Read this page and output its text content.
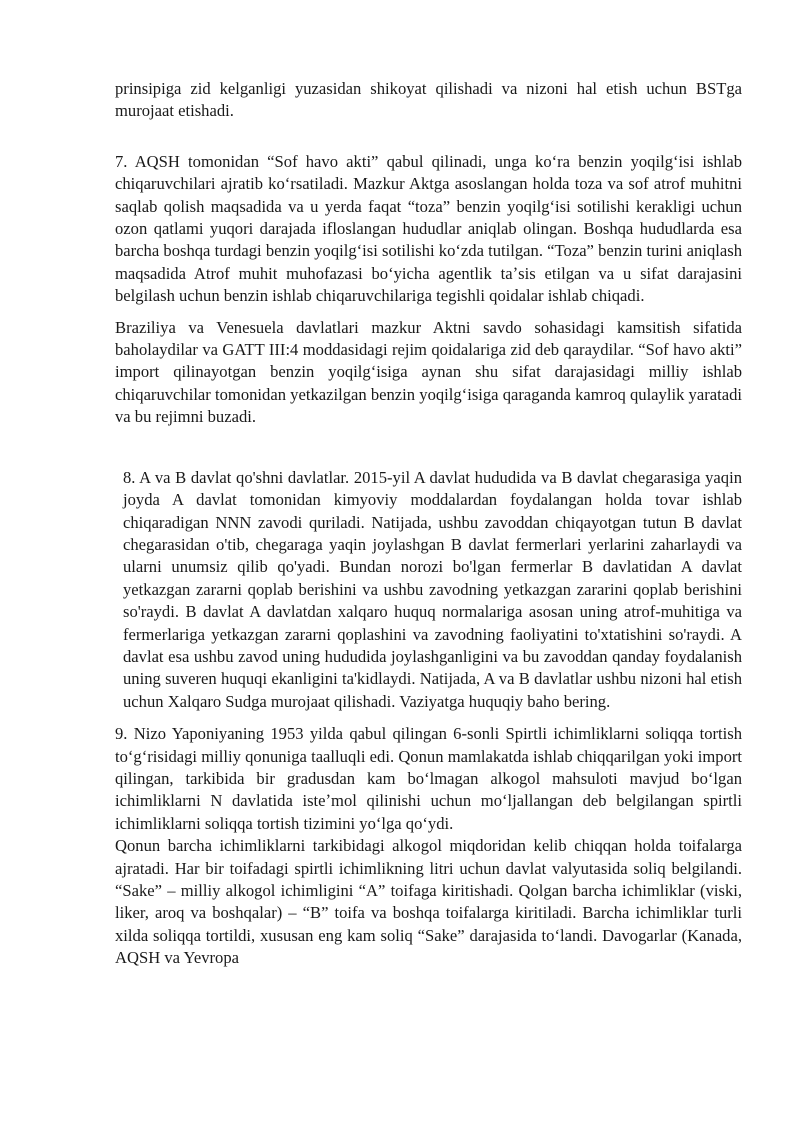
prinsipiga zid kelganligi yuzasidan shikoyat qilishadi va nizoni hal etish uchun BSTga murojaat etishadi.

7. AQSH tomonidan “Sof havo akti” qabul qilinadi, unga koʻra benzin yoqilgʻisi ishlab chiqaruvchilari ajratib koʻrsatiladi. Mazkur Aktga asoslangan holda toza va sof atrof muhitni saqlab qolish maqsadida va u yerda faqat “toza” benzin yoqilgʻisi sotilishi kerakligi uchun ozon qatlami yuqori darajada ifloslangan hududlar aniqlab olingan. Boshqa hududlarda esa barcha boshqa turdagi benzin yoqilgʻisi sotilishi koʻzda tutilgan. “Toza” benzin turini aniqlash maqsadida Atrof muhit muhofazasi boʻyicha agentlik taʼsis etilgan va u sifat darajasini belgilash uchun benzin ishlab chiqaruvchilariga tegishli qoidalar ishlab chiqadi.

Braziliya va Venesuela davlatlari mazkur Aktni savdo sohasidagi kamsitish sifatida baholaydilar va GATT III:4 moddasidagi rejim qoidalariga zid deb qaraydilar. “Sof havo akti” import qilinayotgan benzin yoqilgʻisiga aynan shu sifat darajasidagi milliy ishlab chiqaruvchilar tomonidan yetkazilgan benzin yoqilgʻisiga qaraganda kamroq qulaylik yaratadi va bu rejimni buzadi.

8. A va B davlat qo'shni davlatlar. 2015-yil A davlat hududida va B davlat chegarasiga yaqin joyda A davlat tomonidan kimyoviy moddalardan foydalangan holda tovar ishlab chiqaradigan NNN zavodi quriladi. Natijada, ushbu zavoddan chiqayotgan tutun B davlat chegarasidan o'tib, chegaraga yaqin joylashgan B davlat fermerlari yerlarini zaharlaydi va ularni unumsiz qilib qo'yadi. Bundan norozi bo'lgan fermerlar B davlatidan A davlat yetkazgan zararni qoplab berishini va ushbu zavodning yetkazgan zararini qoplab berishini so'raydi. B davlat A davlatdan xalqaro huquq normalariga asosan uning atrof-muhitiga va fermerlariga yetkazgan zararni qoplashini va zavodning faoliyatini to'xtatishini so'raydi. A davlat esa ushbu zavod uning hududida joylashganligini va bu zavoddan qanday foydalanish uning suveren huquqi ekanligini ta'kidlaydi. Natijada, A va B davlatlar ushbu nizoni hal etish uchun Xalqaro Sudga murojaat qilishadi. Vaziyatga huquqiy baho bering.

9. Nizo Yaponiyaning 1953 yilda qabul qilingan 6-sonli Spirtli ichimliklarni soliqqa tortish toʻgʻrisidagi milliy qonuniga taalluqli edi. Qonun mamlakatda ishlab chiqqarilgan yoki import qilingan, tarkibida bir gradusdan kam boʻlmagan alkogol mahsuloti mavjud boʻlgan ichimliklarni N davlatida isteʼmol qilinishi uchun moʻljallangan deb belgilangan spirtli ichimliklarni soliqqa tortish tizimini yoʻlga qoʻydi.

Qonun barcha ichimliklarni tarkibidagi alkogol miqdoridan kelib chiqqan holda toifalarga ajratadi. Har bir toifadagi spirtli ichimlikning litri uchun davlat valyutasida soliq belgilandi. “Sake” – milliy alkogol ichimligini “A” toifaga kiritishadi. Qolgan barcha ichimliklar (viski, liker, aroq va boshqalar) – “B” toifa va boshqa toifalarga kiritiladi. Barcha ichimliklar turli xilda soliqqa tortildi, xususan eng kam soliq “Sake” darajasida toʻlandi. Davogarlar (Kanada, AQSH va Yevropa
